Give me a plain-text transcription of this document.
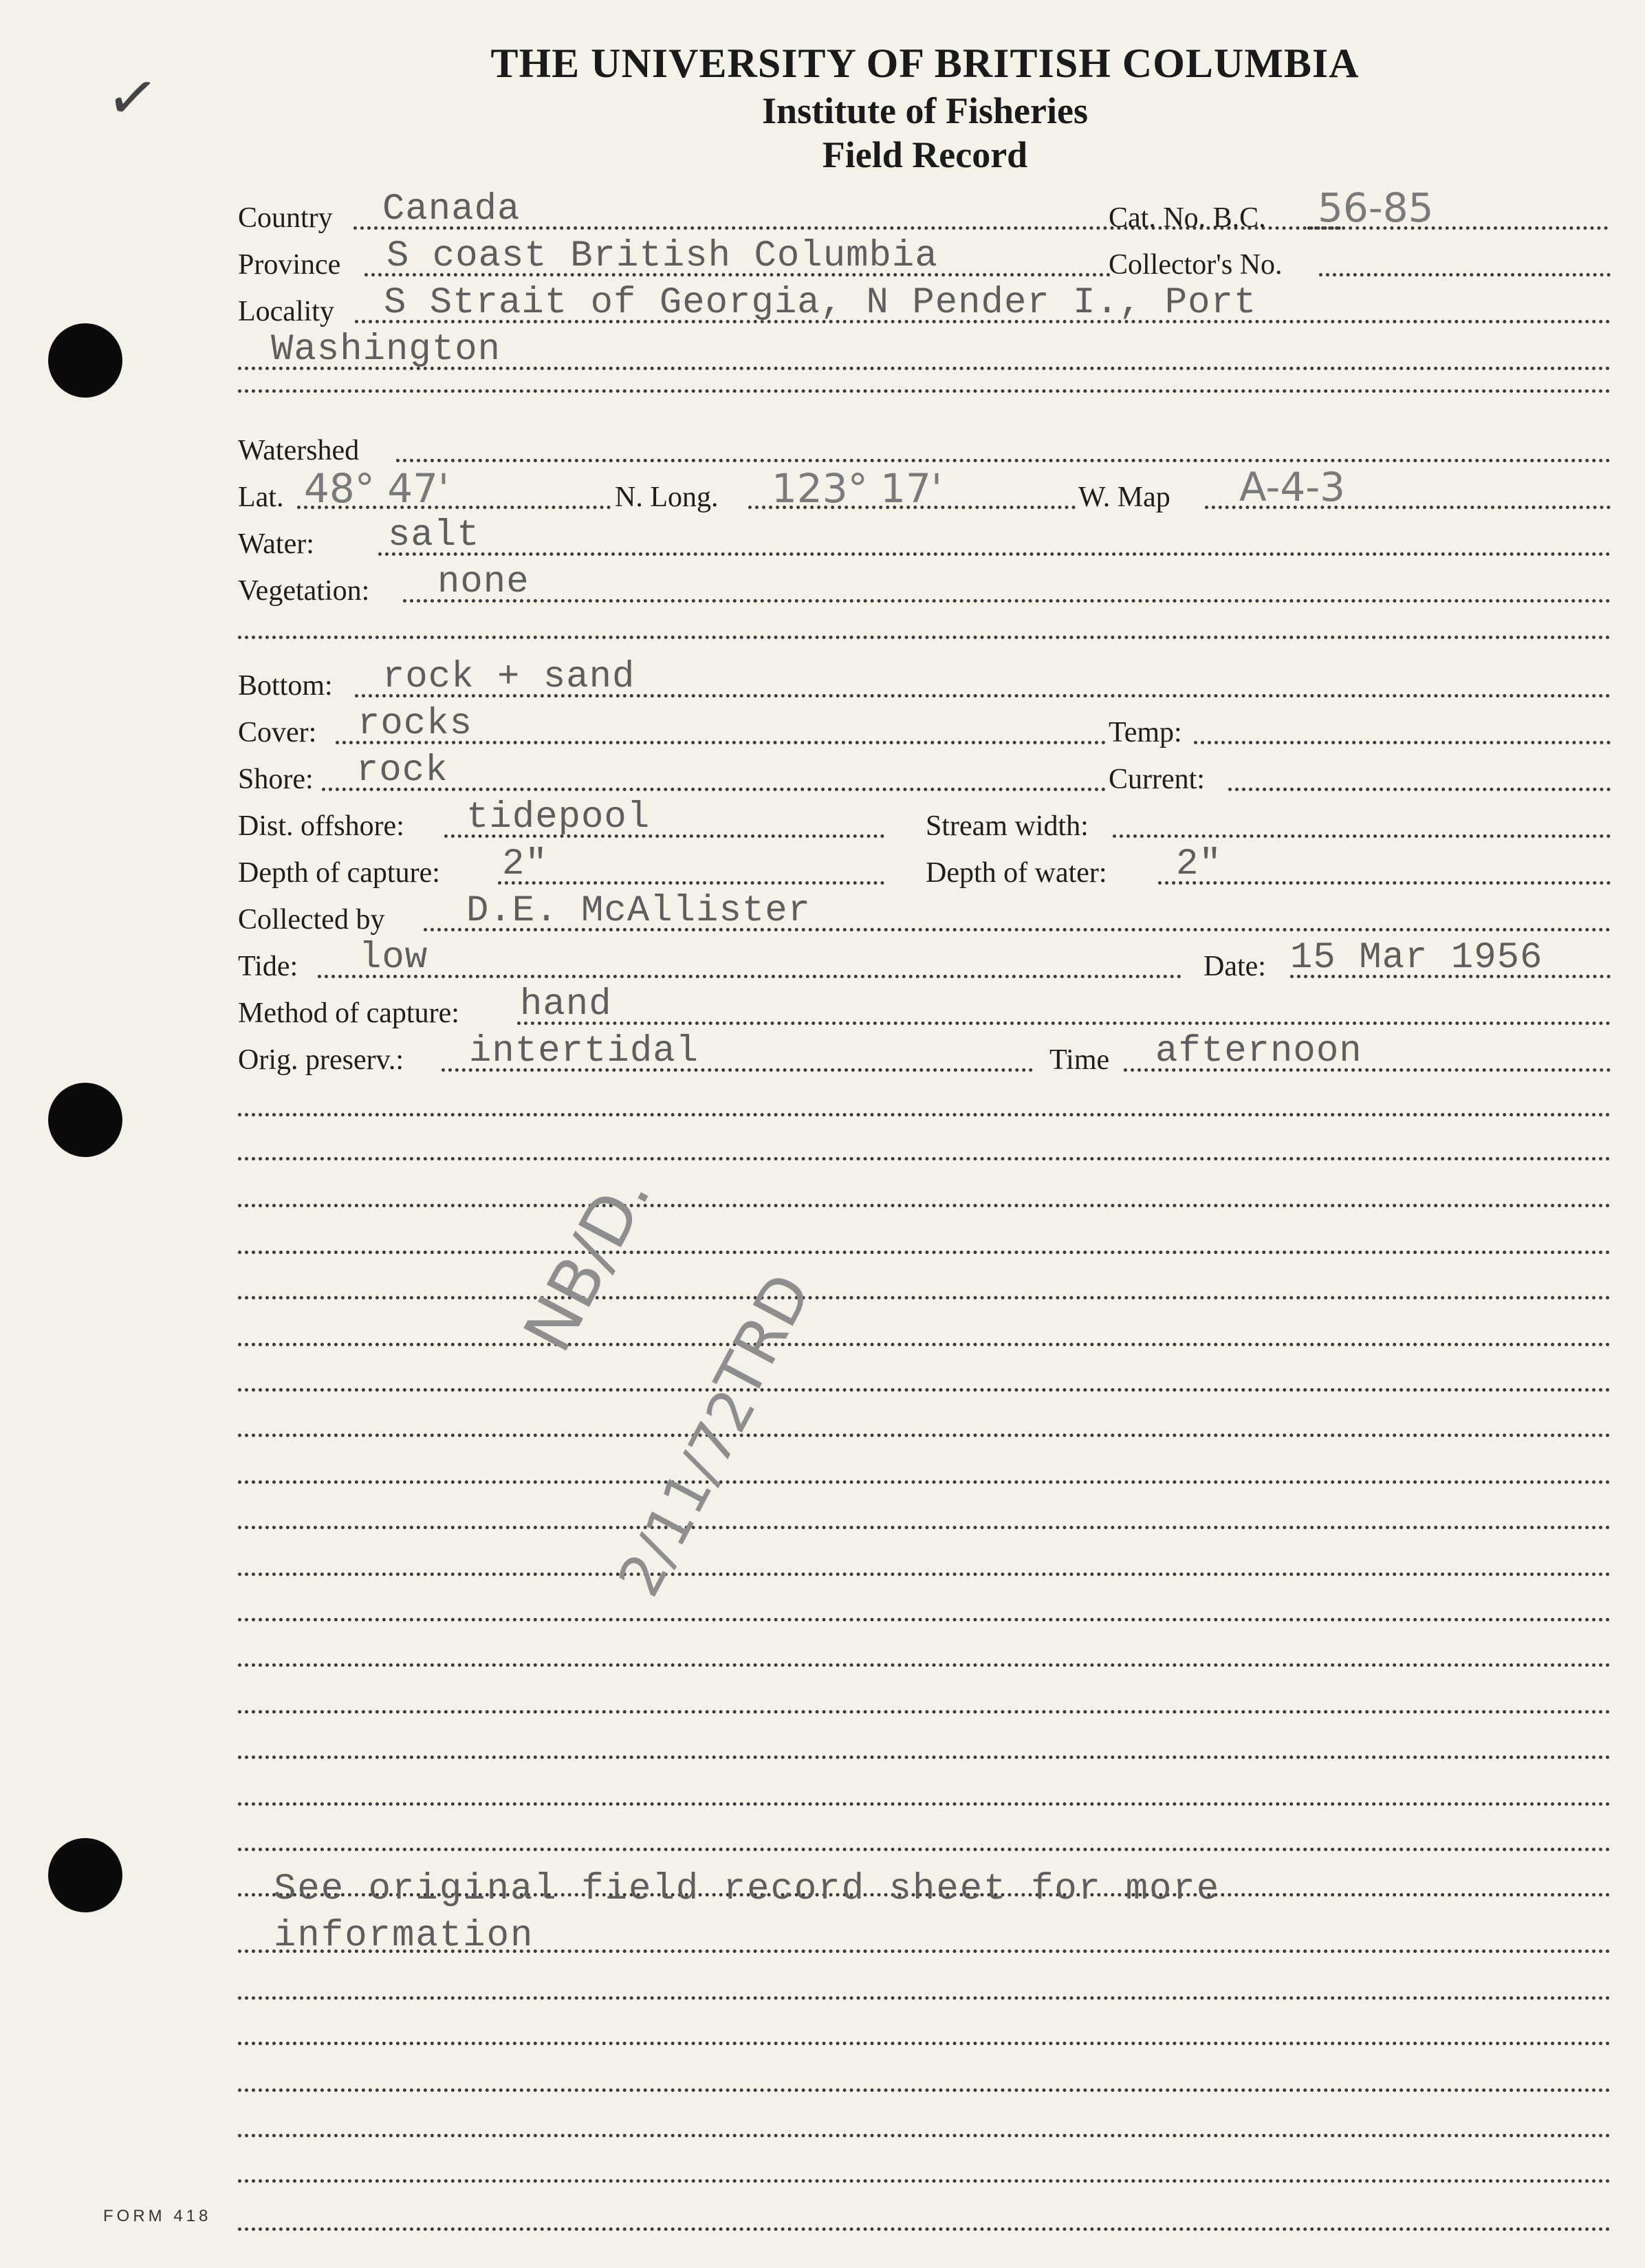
THE UNIVERSITY OF BRITISH COLUMBIA
Institute of Fisheries
Field Record
✓
Country Canada	Cat. No. B.C. 56-85
Province S coast British Columbia	Collector's No.
Locality S Strait of Georgia, N Pender I., Port
Washington
Watershed
Lat. 48° 47'	N. Long. 123° 17'	W. Map A-4-3
Water: salt
Vegetation: none
Bottom: rock + sand
Cover: rocks	Temp:
Shore: rock	Current:
Dist. offshore: tidepool	Stream width:
Depth of capture: 2"	Depth of water: 2"
Collected by D.E. McAllister
Tide: low	Date: 15 Mar 1956
Method of capture: hand
Orig. preserv.: intertidal	Time afternoon
NB/D.
2/11/72
TRD
See original field record sheet for more
information
FORM 418
